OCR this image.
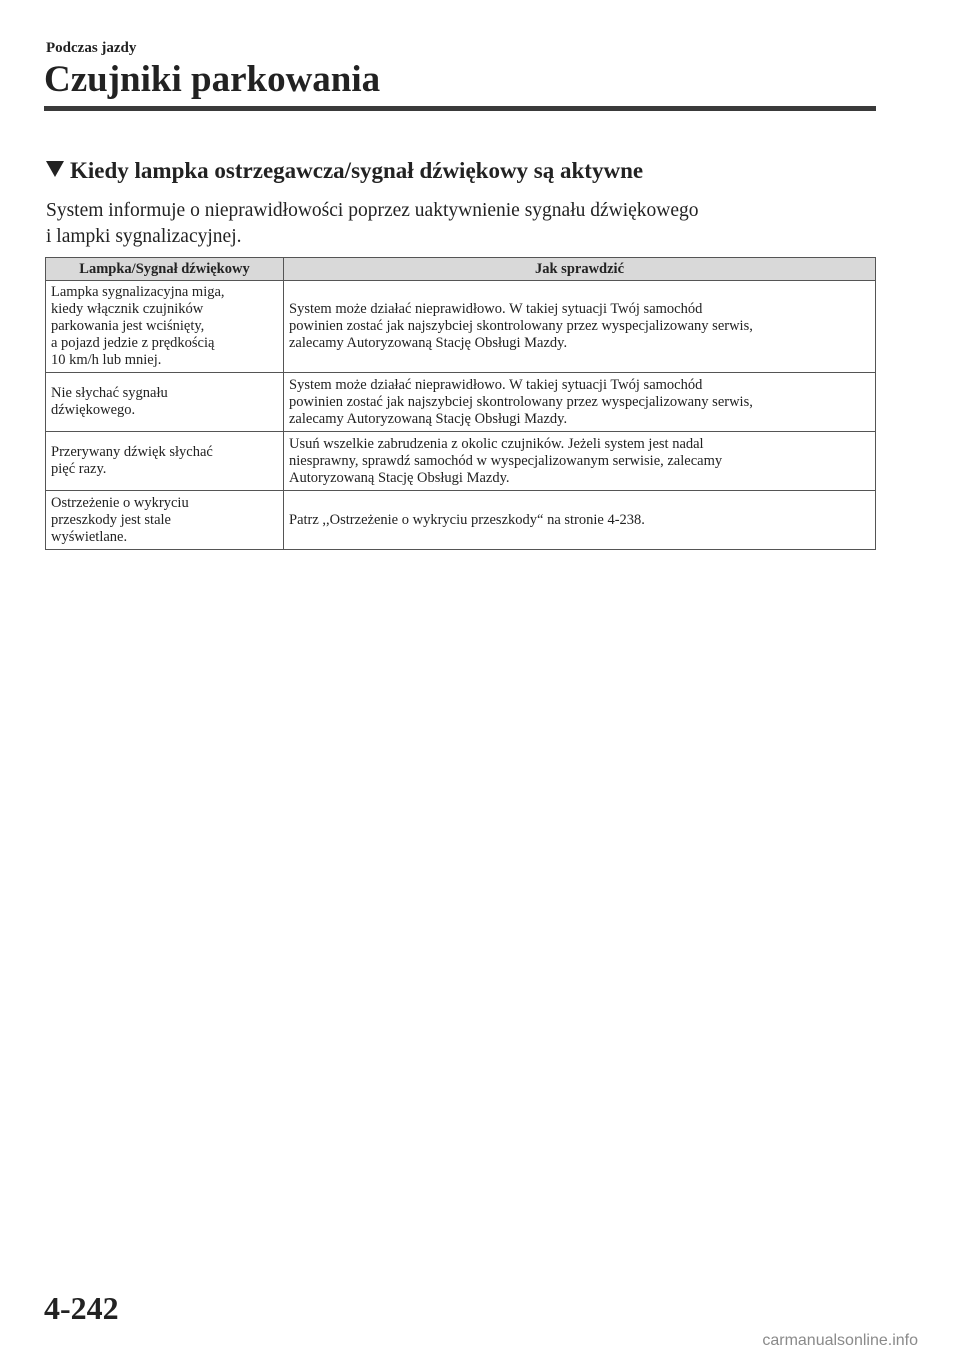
Podczas jazdy
Czujniki parkowania
Kiedy lampka ostrzegawcza/sygnał dźwiękowy są aktywne

System informuje o nieprawidłowości poprzez uaktywnienie sygnału dźwiękowego
i lampki sygnalizacyjnej.

Lampka/Sygnał dźwiękowy	Jak sprawdzić
Lampka sygnalizacyjna miga,
kiedy włącznik czujników
parkowania jest wciśnięty,
a pojazd jedzie z prędkością
10 km/h lub mniej.	System może działać nieprawidłowo. W takiej sytuacji Twój samochód
powinien zostać jak najszybciej skontrolowany przez wyspecjalizowany serwis,
zalecamy Autoryzowaną Stację Obsługi Mazdy.
Nie słychać sygnału
dźwiękowego.	System może działać nieprawidłowo. W takiej sytuacji Twój samochód
powinien zostać jak najszybciej skontrolowany przez wyspecjalizowany serwis,
zalecamy Autoryzowaną Stację Obsługi Mazdy.
Przerywany dźwięk słychać
pięć razy.	Usuń wszelkie zabrudzenia z okolic czujników. Jeżeli system jest nadal
niesprawny, sprawdź samochód w wyspecjalizowanym serwisie, zalecamy
Autoryzowaną Stację Obsługi Mazdy.
Ostrzeżenie o wykryciu
przeszkody jest stale
wyświetlane.	Patrz ,,Ostrzeżenie o wykryciu przeszkody“ na stronie 4-238.
4-242
carmanualsonline.info
